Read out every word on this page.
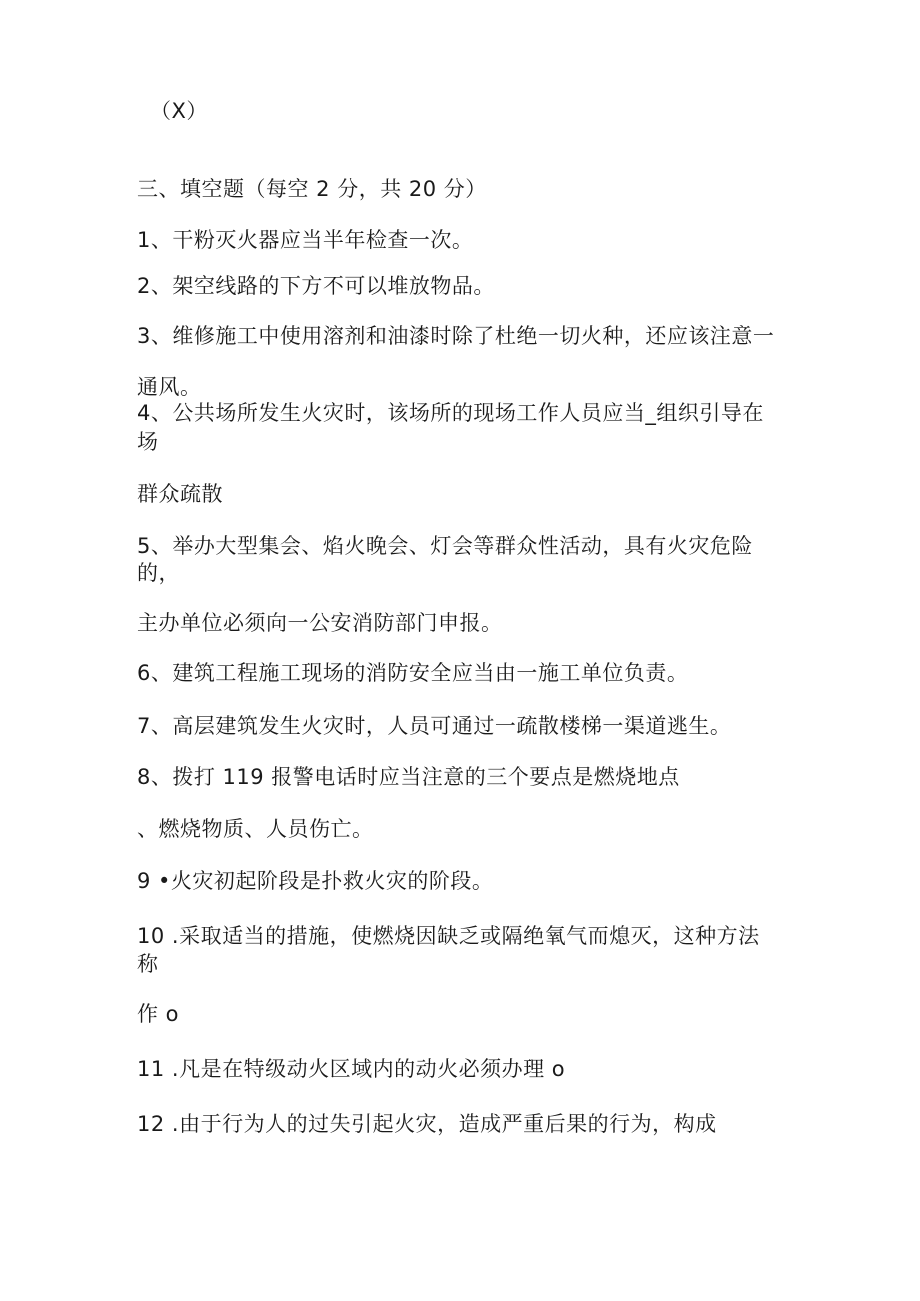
（X）
三、填空题（每空 2 分，共 20 分）
1、干粉灭火器应当半年检查一次。
2、架空线路的下方不可以堆放物品。
3、维修施工中使用溶剂和油漆时除了杜绝一切火种，还应该注意一
通风。
4、公共场所发生火灾时，该场所的现场工作人员应当_组织引导在
场
群众疏散
5、举办大型集会、焰火晚会、灯会等群众性活动，具有火灾危险
的，
主办单位必须向一公安消防部门申报。
6、建筑工程施工现场的消防安全应当由一施工单位负责。
7、高层建筑发生火灾时，人员可通过一疏散楼梯一渠道逃生。
8、拨打 119 报警电话时应当注意的三个要点是燃烧地点
、燃烧物质、人员伤亡。
9 •火灾初起阶段是扑救火灾的阶段。
10 .采取适当的措施，使燃烧因缺乏或隔绝氧气而熄灭，这种方法
称
作 o
11 .凡是在特级动火区域内的动火必须办理 o
12 .由于行为人的过失引起火灾，造成严重后果的行为，构成
